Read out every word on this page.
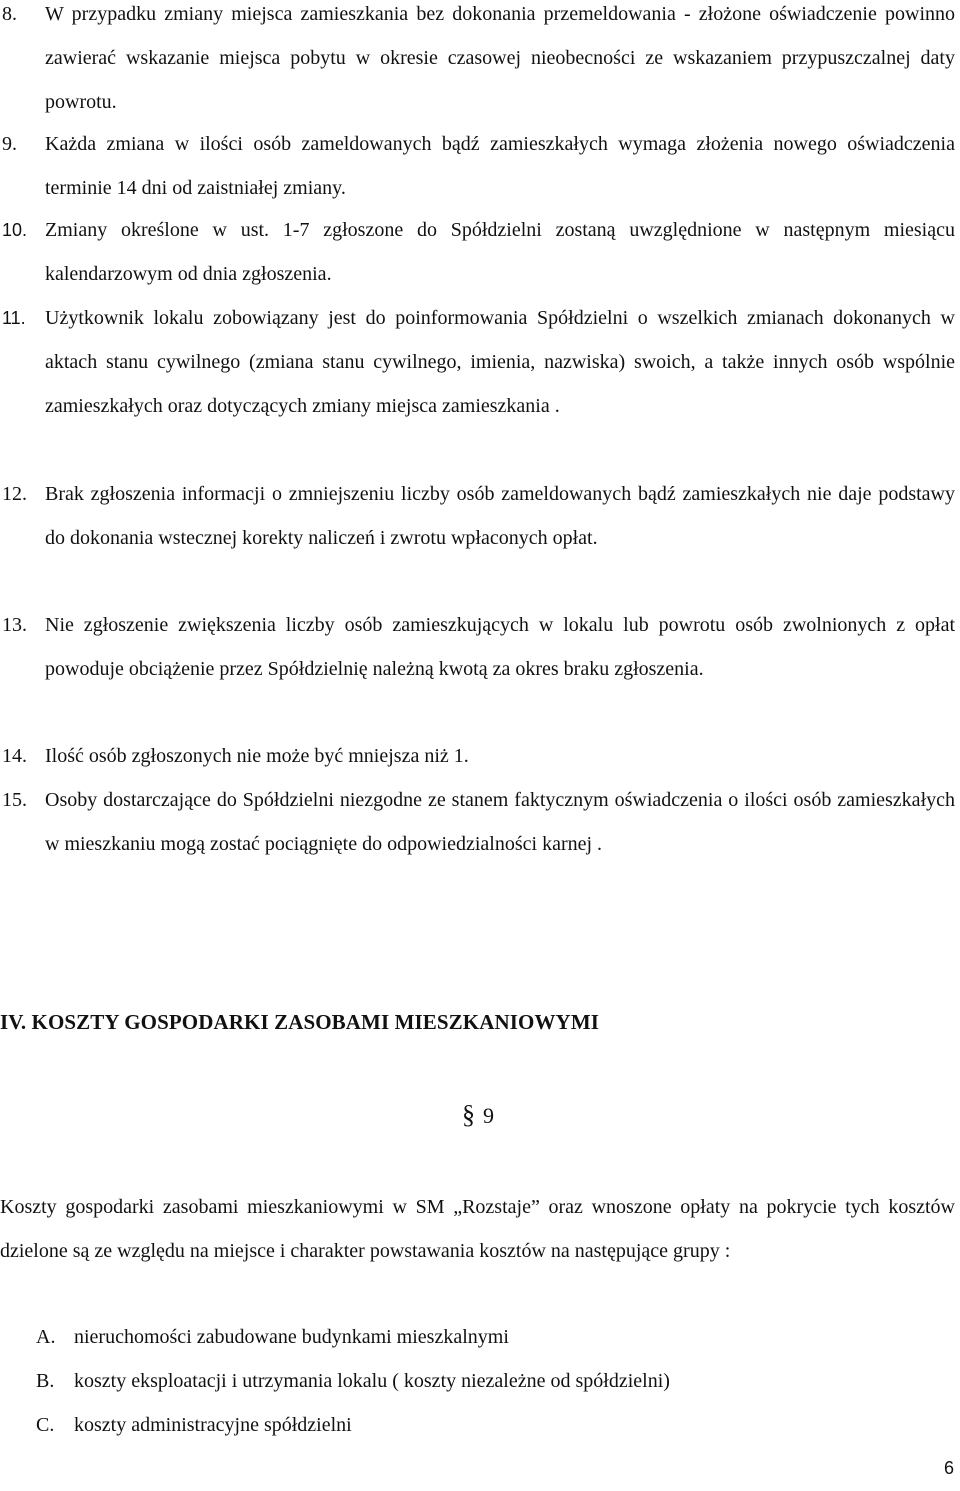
8. W przypadku zmiany miejsca zamieszkania bez dokonania przemeldowania - złożone oświadczenie powinno zawierać wskazanie miejsca pobytu w okresie czasowej nieobecności ze wskazaniem przypuszczalnej daty powrotu.
9. Każda zmiana w ilości osób zameldowanych bądź zamieszkałych wymaga złożenia nowego oświadczenia terminie 14 dni od zaistniałej zmiany.
10. Zmiany określone w ust. 1-7 zgłoszone do Spółdzielni zostaną uwzględnione w następnym miesiącu kalendarzowym od dnia zgłoszenia.
11. Użytkownik lokalu zobowiązany jest do poinformowania Spółdzielni o wszelkich zmianach dokonanych w aktach stanu cywilnego (zmiana stanu cywilnego, imienia, nazwiska) swoich, a także innych osób wspólnie zamieszkałych oraz dotyczących zmiany miejsca zamieszkania .
12. Brak zgłoszenia informacji o zmniejszeniu liczby osób zameldowanych bądź zamieszkałych nie daje podstawy do dokonania wstecznej korekty naliczeń i zwrotu wpłaconych opłat.
13. Nie zgłoszenie zwiększenia liczby osób zamieszkujących w lokalu lub powrotu osób zwolnionych z opłat powoduje obciążenie przez Spółdzielnię należną kwotą za okres braku zgłoszenia.
14. Ilość osób zgłoszonych nie może być mniejsza niż 1.
15. Osoby dostarczające do Spółdzielni niezgodne ze stanem faktycznym oświadczenia o ilości osób zamieszkałych w mieszkaniu mogą zostać pociągnięte do odpowiedzialności karnej .
IV. KOSZTY GOSPODARKI ZASOBAMI MIESZKANIOWYMI
§ 9
Koszty gospodarki zasobami mieszkaniowymi w SM „Rozstaje” oraz wnoszone opłaty na pokrycie tych kosztów dzielone są ze względu na miejsce i charakter powstawania kosztów na następujące grupy :
A. nieruchomości zabudowane budynkami mieszkalnymi
B. koszty eksploatacji i utrzymania lokalu ( koszty niezależne od spółdzielni)
C. koszty administracyjne spółdzielni
6
